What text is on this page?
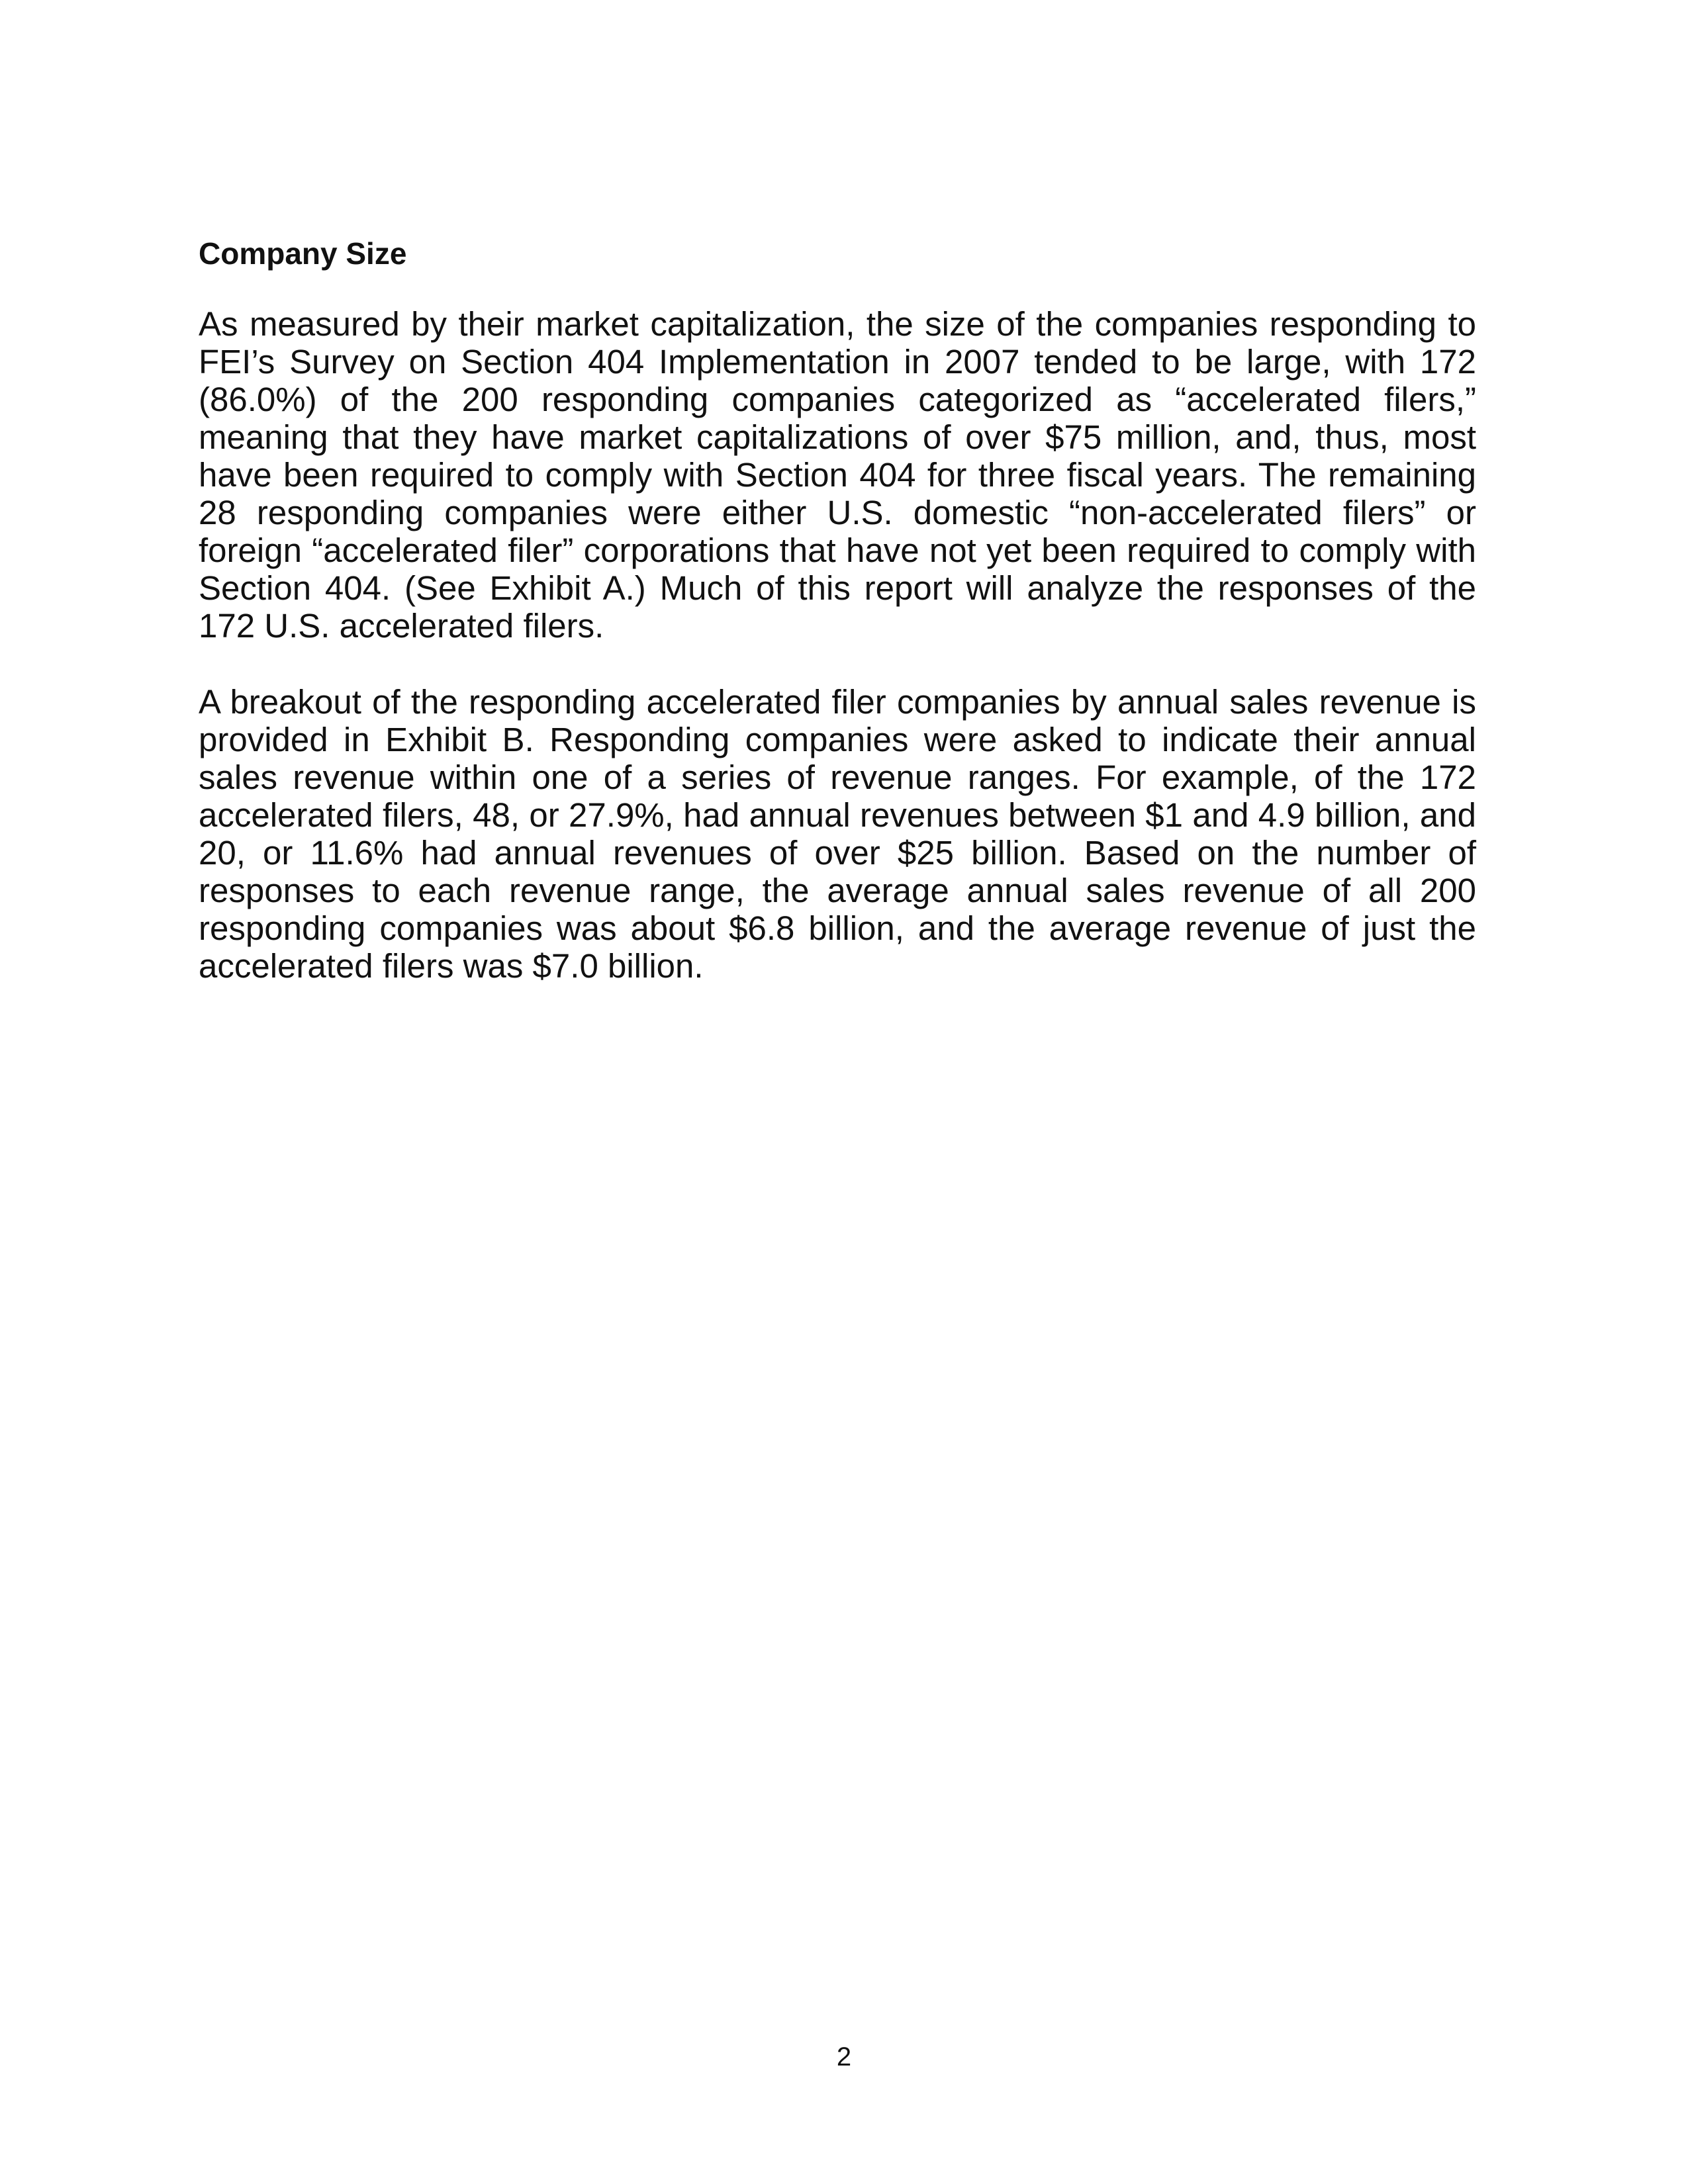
Company Size

As measured by their market capitalization, the size of the companies responding to FEI’s Survey on Section 404 Implementation in 2007 tended to be large, with 172 (86.0%) of the 200 responding companies categorized as “accelerated filers,” meaning that they have market capitalizations of over $75 million, and, thus, most have been required to comply with Section 404 for three fiscal years. The remaining 28 responding companies were either U.S. domestic “non-accelerated filers” or foreign “accelerated filer” corporations that have not yet been required to comply with Section 404. (See Exhibit A.) Much of this report will analyze the responses of the 172 U.S. accelerated filers.

A breakout of the responding accelerated filer companies by annual sales revenue is provided in Exhibit B. Responding companies were asked to indicate their annual sales revenue within one of a series of revenue ranges. For example, of the 172 accelerated filers, 48, or 27.9%, had annual revenues between $1 and 4.9 billion, and 20, or 11.6% had annual revenues of over $25 billion. Based on the number of responses to each revenue range, the average annual sales revenue of all 200 responding companies was about $6.8 billion, and the average revenue of just the accelerated filers was $7.0 billion.

2
